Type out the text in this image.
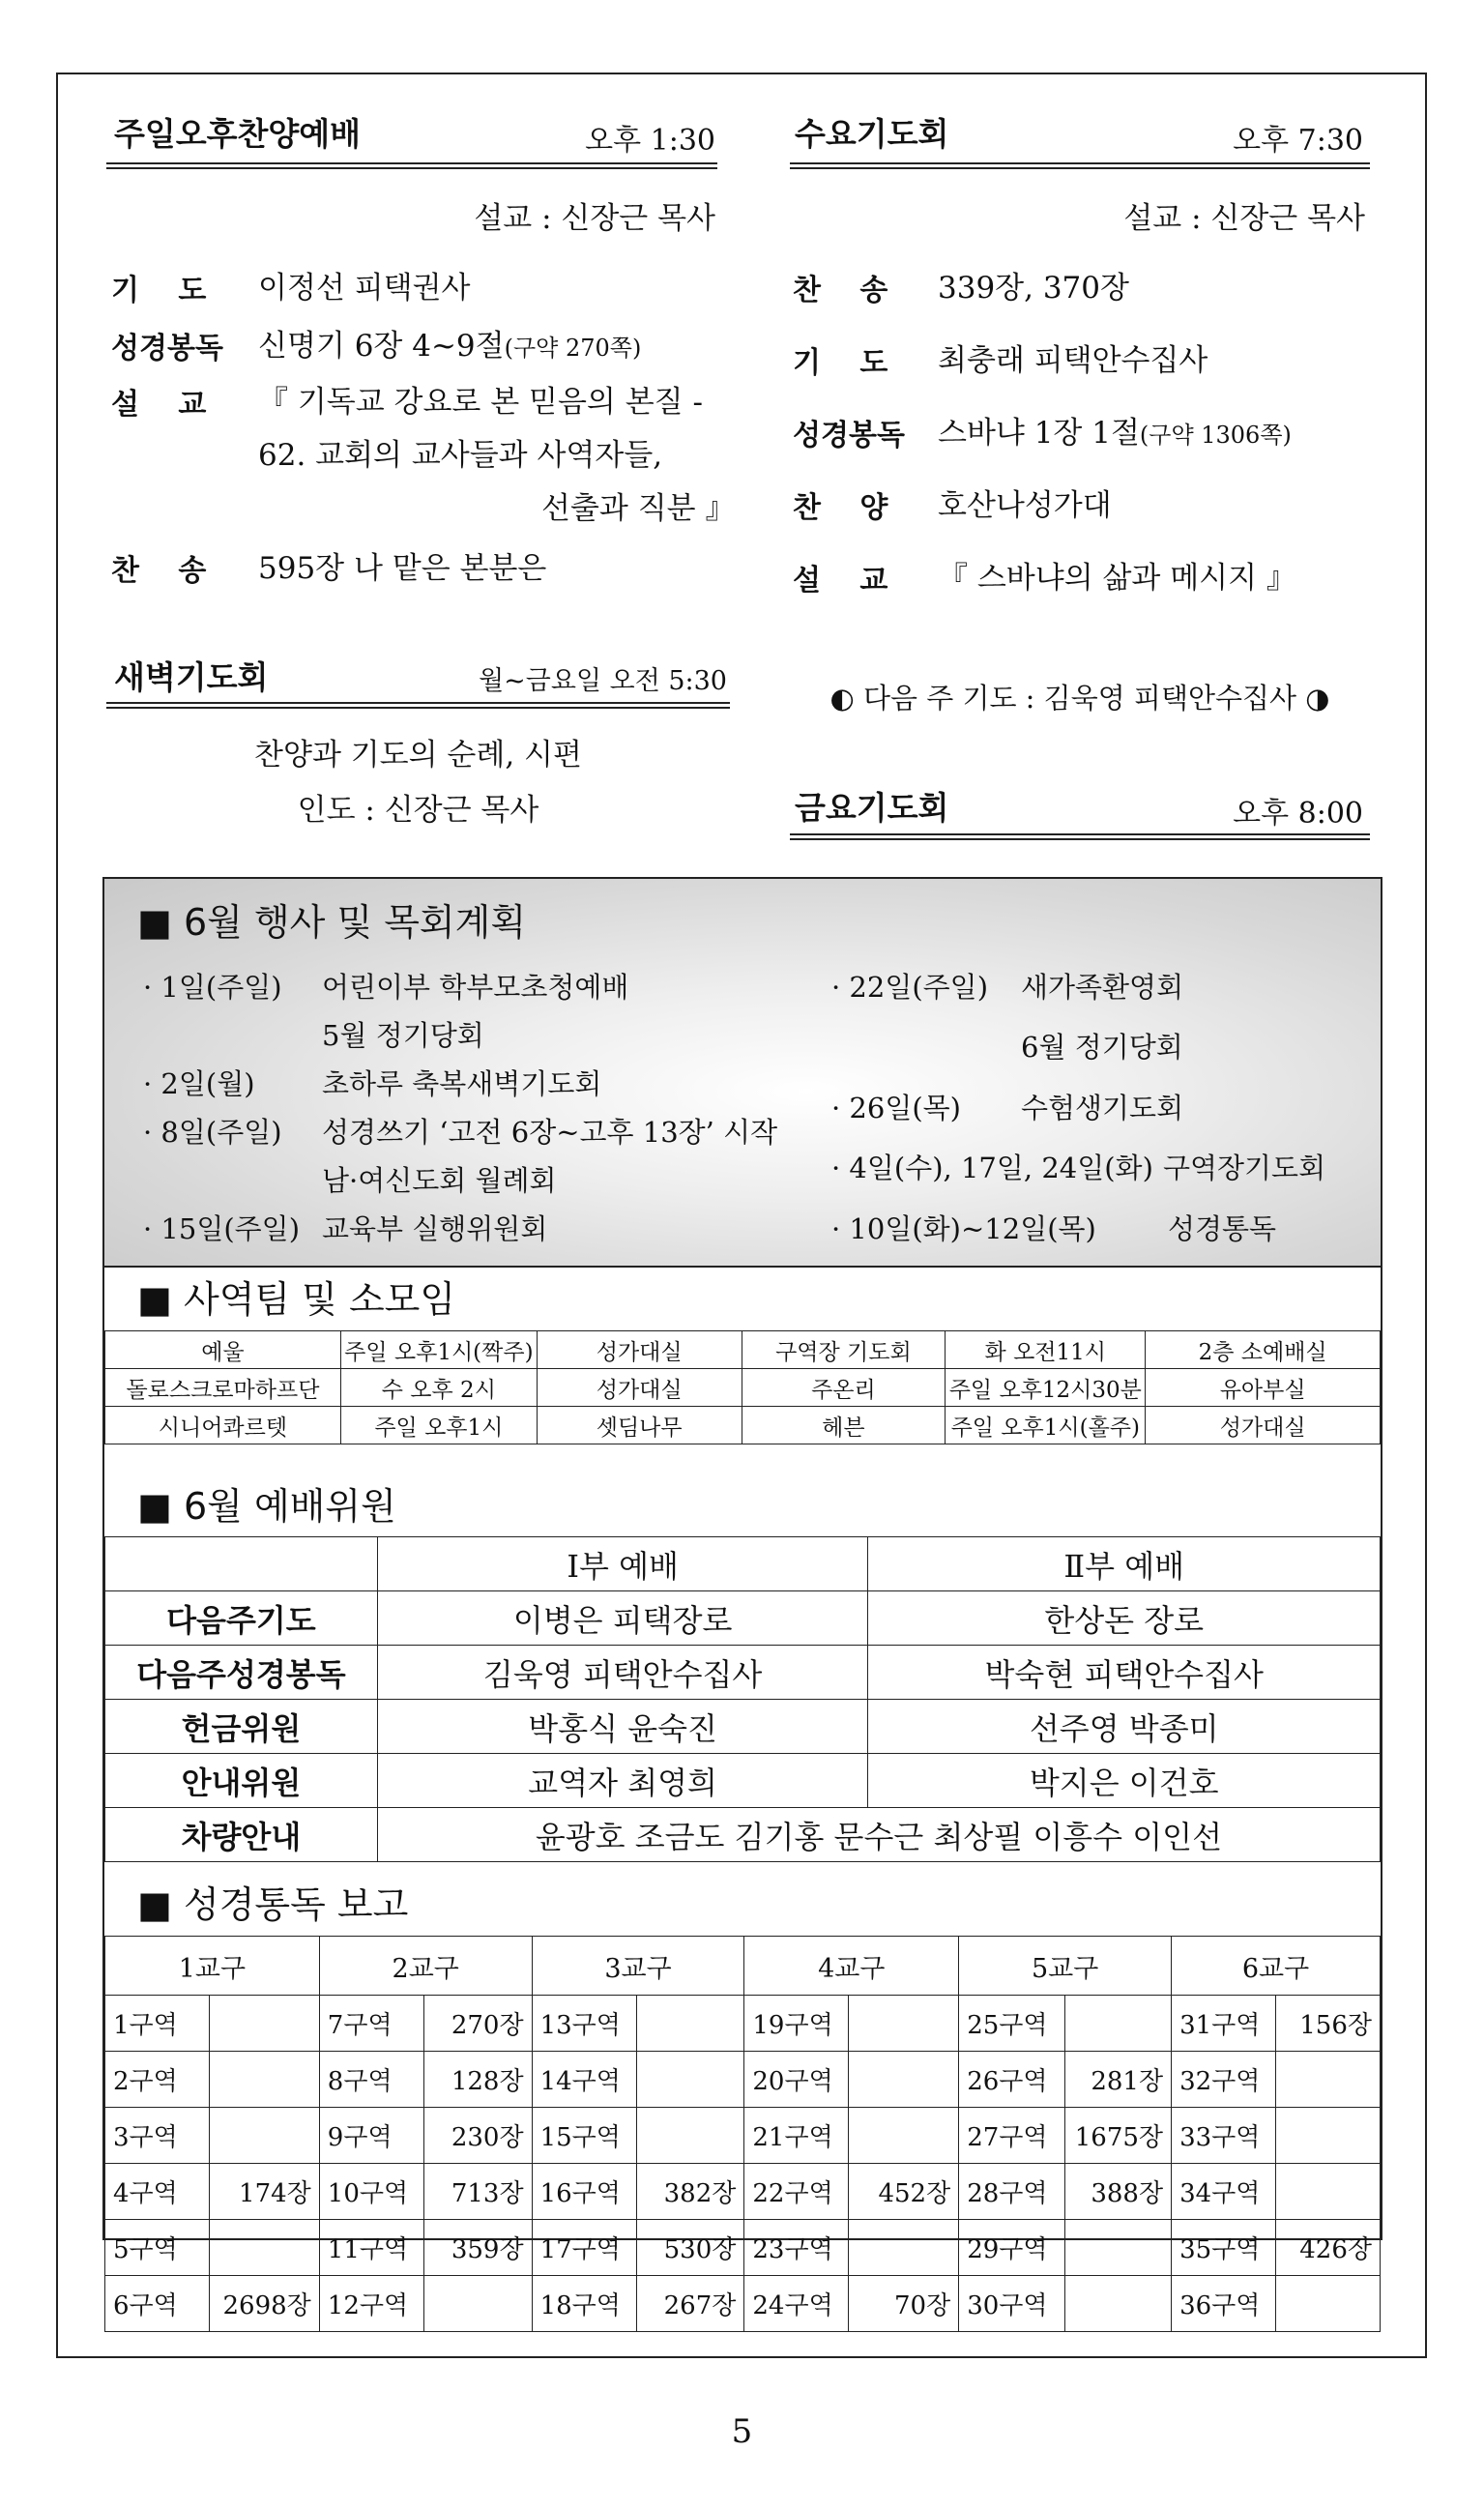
주일오후찬양예배	오후 1:30
설교 : 신장근 목사
기　 도 이정선 피택권사
성경봉독 신명기 6장 4~9절(구약 270쪽)
설　 교 『 기독교 강요로 본 믿음의 본질 -
62. 교회의 교사들과 사역자들,
선출과 직분 』
찬　 송 595장 나 맡은 본분은
수요기도회	오후 7:30
설교 : 신장근 목사
찬　 송 339장, 370장
기　 도 최충래 피택안수집사
성경봉독 스바냐 1장 1절(구약 1306쪽)
찬　 양 호산나성가대
설　 교 『 스바냐의 삶과 메시지 』
새벽기도회	월~금요일 오전 5:30
찬양과 기도의 순례, 시편
인도 : 신장근 목사
◐ 다음 주 기도 : 김욱영 피택안수집사 ◑
금요기도회	오후 8:00
■ 6월 행사 및 목회계획
· 1일(주일) 어린이부 학부모초청예배
5월 정기당회
· 2일(월) 초하루 축복새벽기도회
· 8일(주일) 성경쓰기 ‘고전 6장~고후 13장’ 시작
남·여신도회 월례회
· 15일(주일) 교육부 실행위원회
· 22일(주일) 새가족환영회
6월 정기당회
· 26일(목) 수험생기도회
· 4일(수), 17일, 24일(화) 구역장기도회
· 10일(화)~12일(목)	성경통독
■ 사역팀 및 소모임
예울	주일 오후1시(짝주)	성가대실	구역장 기도회	화 오전11시	2층 소예배실
돌로스크로마하프단	수 오후 2시	성가대실	주온리	주일 오후12시30분	유아부실
시니어콰르텟	주일 오후1시	셋딤나무	헤븐	주일 오후1시(홀주)	성가대실
■ 6월 예배위원
	Ⅰ부 예배	Ⅱ부 예배
다음주기도	이병은 피택장로	한상돈 장로
다음주성경봉독	김욱영 피택안수집사	박숙현 피택안수집사
헌금위원	박홍식 윤숙진	선주영 박종미
안내위원	교역자 최영희	박지은 이건호
차량안내	윤광호 조금도 김기홍 문수근 최상필 이흥수 이인선	
■ 성경통독 보고
1교구		2교구		3교구		4교구		5교구		6교구	
1구역		7구역	270장	13구역		19구역		25구역		31구역	156장
2구역		8구역	128장	14구역		20구역		26구역	281장	32구역	
3구역		9구역	230장	15구역		21구역		27구역	1675장	33구역	
4구역	174장	10구역	713장	16구역	382장	22구역	452장	28구역	388장	34구역	
5구역		11구역	359장	17구역	530장	23구역		29구역		35구역	426장
6구역	2698장	12구역		18구역	267장	24구역	70장	30구역		36구역	
5
